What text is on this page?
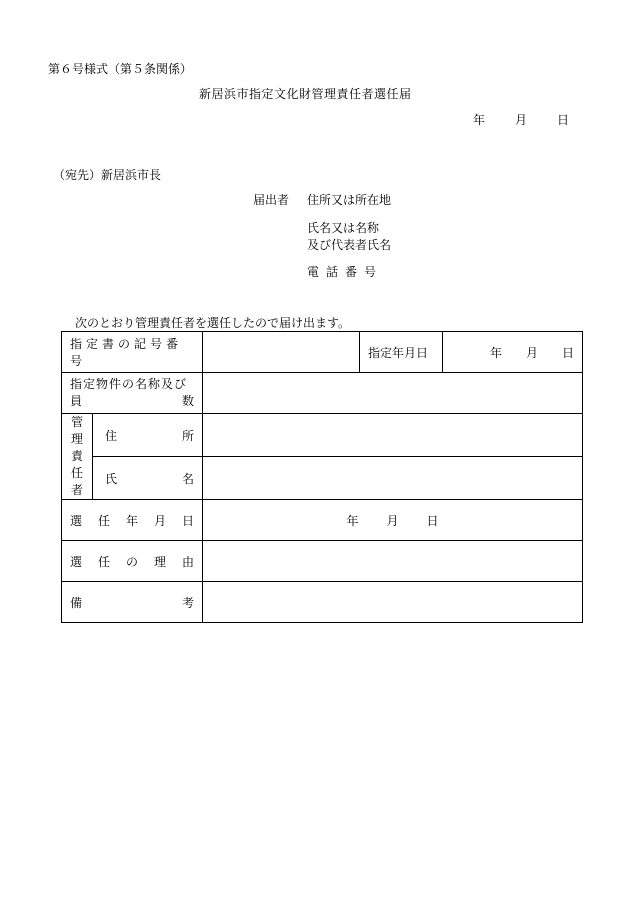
第６号様式（第５条関係）
新居浜市指定文化財管理責任者選任届
年	月	日
（宛先）新居浜市長
届出者 住所又は所在地
氏名又は名称
及び代表者氏名
電話番号
次のとおり管理責任者を選任したので届け出ます。
指定書の記号番号			指定年月日	年 月 日

指定物件の名称及び
員 数				

管
理
責
任
者	住 所			

	氏 名			

選 任 年 月 日		年 月 日		

選 任 の 理 由				

備 考				
